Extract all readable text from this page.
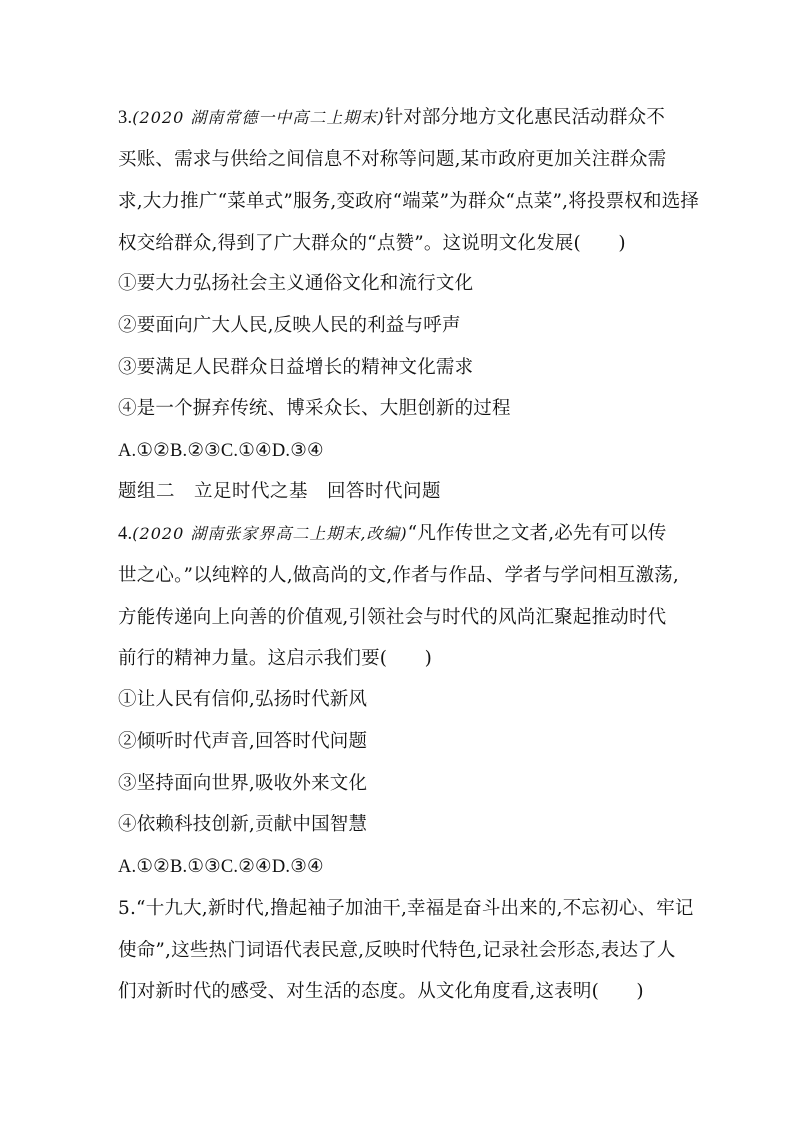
3.(2020 湖南常德一中高二上期末)针对部分地方文化惠民活动群众不
买账、需求与供给之间信息不对称等问题,某市政府更加关注群众需
求,大力推广“菜单式”服务,变政府“端菜”为群众“点菜”,将投票权和选择
权交给群众,得到了广大群众的“点赞”。这说明文化发展(　　)
①要大力弘扬社会主义通俗文化和流行文化
②要面向广大人民,反映人民的利益与呼声
③要满足人民群众日益增长的精神文化需求
④是一个摒弃传统、博采众长、大胆创新的过程
A.①②B.②③C.①④D.③④
题组二　立足时代之基　回答时代问题
4.(2020 湖南张家界高二上期末,改编)“凡作传世之文者,必先有可以传
世之心。”以纯粹的人,做高尚的文,作者与作品、学者与学问相互激荡,
方能传递向上向善的价值观,引领社会与时代的风尚汇聚起推动时代
前行的精神力量。这启示我们要(　　)
①让人民有信仰,弘扬时代新风
②倾听时代声音,回答时代问题
③坚持面向世界,吸收外来文化
④依赖科技创新,贡献中国智慧
A.①②B.①③C.②④D.③④
5.“十九大,新时代,撸起袖子加油干,幸福是奋斗出来的,不忘初心、牢记
使命”,这些热门词语代表民意,反映时代特色,记录社会形态,表达了人
们对新时代的感受、对生活的态度。从文化角度看,这表明(　　)
